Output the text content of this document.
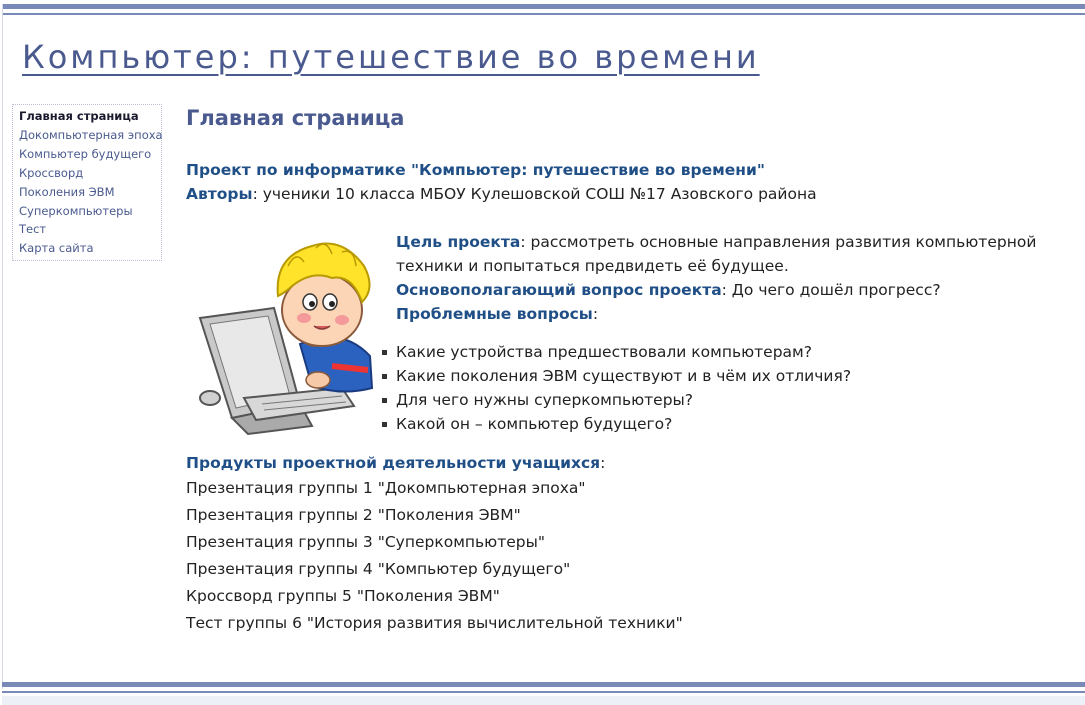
Компьютер: путешествие во времени
Главная страница
Докомпьютерная эпоха
Компьютер будущего
Кроссворд
Поколения ЭВМ
Суперкомпьютеры
Тест
Карта сайта
Главная страница
Проект по информатике "Компьютер: путешествие во времени"
Авторы: ученики 10 класса МБОУ Кулешовской СОШ №17 Азовского района
Цель проекта: рассмотреть основные направления развития компьютерной техники и попытаться предвидеть её будущее.
Основополагающий вопрос проекта: До чего дошёл прогресс?
Проблемные вопросы:
Какие устройства предшествовали компьютерам?
Какие поколения ЭВМ существуют и в чём их отличия?
Для чего нужны суперкомпьютеры?
Какой он – компьютер будущего?
Продукты проектной деятельности учащихся:
Презентация группы 1 "Докомпьютерная эпоха"
Презентация группы 2 "Поколения ЭВМ"
Презентация группы 3 "Суперкомпьютеры"
Презентация группы 4 "Компьютер будущего"
Кроссворд группы 5 "Поколения ЭВМ"
Тест группы 6 "История развития вычислительной техники"
